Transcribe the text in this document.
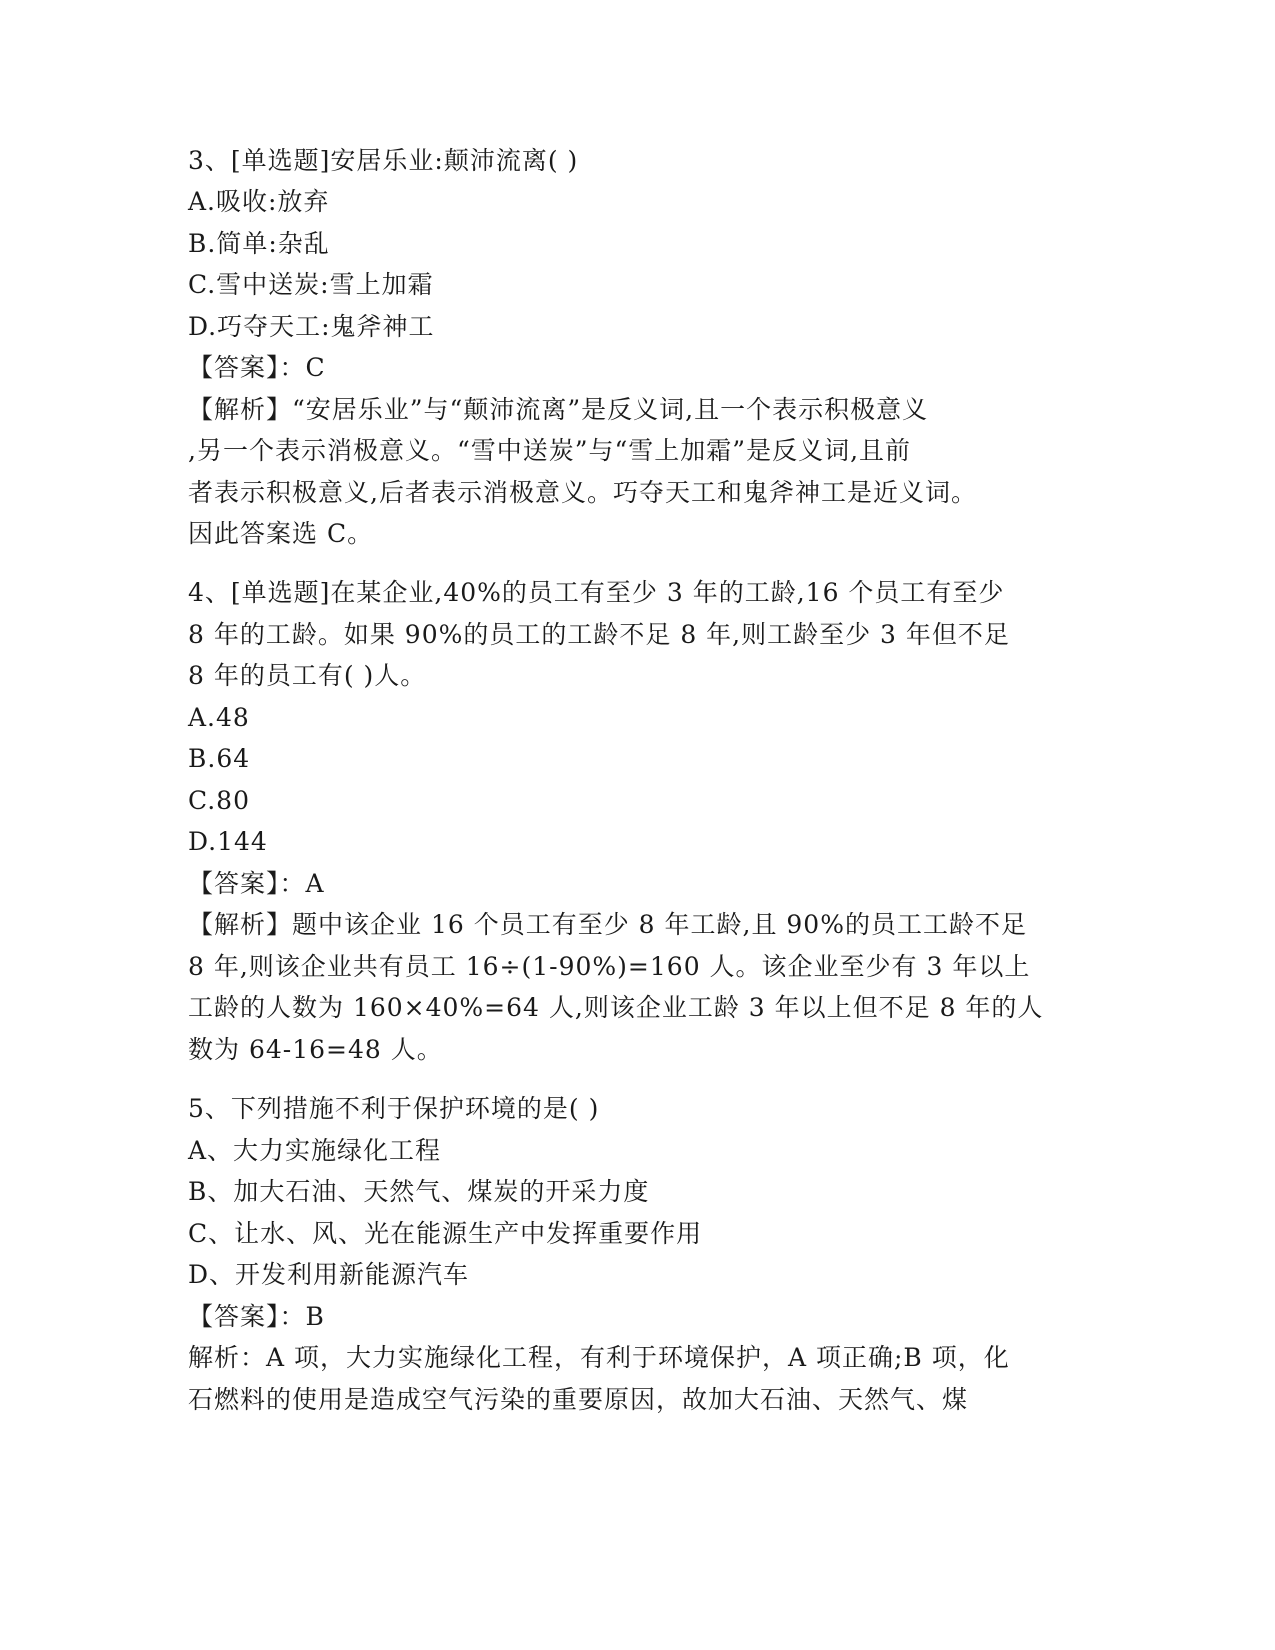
3、[单选题]安居乐业:颠沛流离( )
A.吸收:放弃
B.简单:杂乱
C.雪中送炭:雪上加霜
D.巧夺天工:鬼斧神工
【答案】：C
【解析】“安居乐业”与“颠沛流离”是反义词,且一个表示积极意义
,另一个表示消极意义。“雪中送炭”与“雪上加霜”是反义词,且前
者表示积极意义,后者表示消极意义。巧夺天工和鬼斧神工是近义词。
因此答案选 C。
4、[单选题]在某企业,40%的员工有至少 3 年的工龄,16 个员工有至少
8 年的工龄。如果 90%的员工的工龄不足 8 年,则工龄至少 3 年但不足
8 年的员工有( )人。
A.48
B.64
C.80
D.144
【答案】：A
【解析】题中该企业 16 个员工有至少 8 年工龄,且 90%的员工工龄不足
8 年,则该企业共有员工 16÷(1-90%)=160 人。该企业至少有 3 年以上
工龄的人数为 160×40%=64 人,则该企业工龄 3 年以上但不足 8 年的人
数为 64-16=48 人。
5、下列措施不利于保护环境的是( )
A、大力实施绿化工程
B、加大石油、天然气、煤炭的开采力度
C、让水、风、光在能源生产中发挥重要作用
D、开发利用新能源汽车
【答案】：B
解析：A 项，大力实施绿化工程，有利于环境保护，A 项正确;B 项，化
石燃料的使用是造成空气污染的重要原因，故加大石油、天然气、煤
